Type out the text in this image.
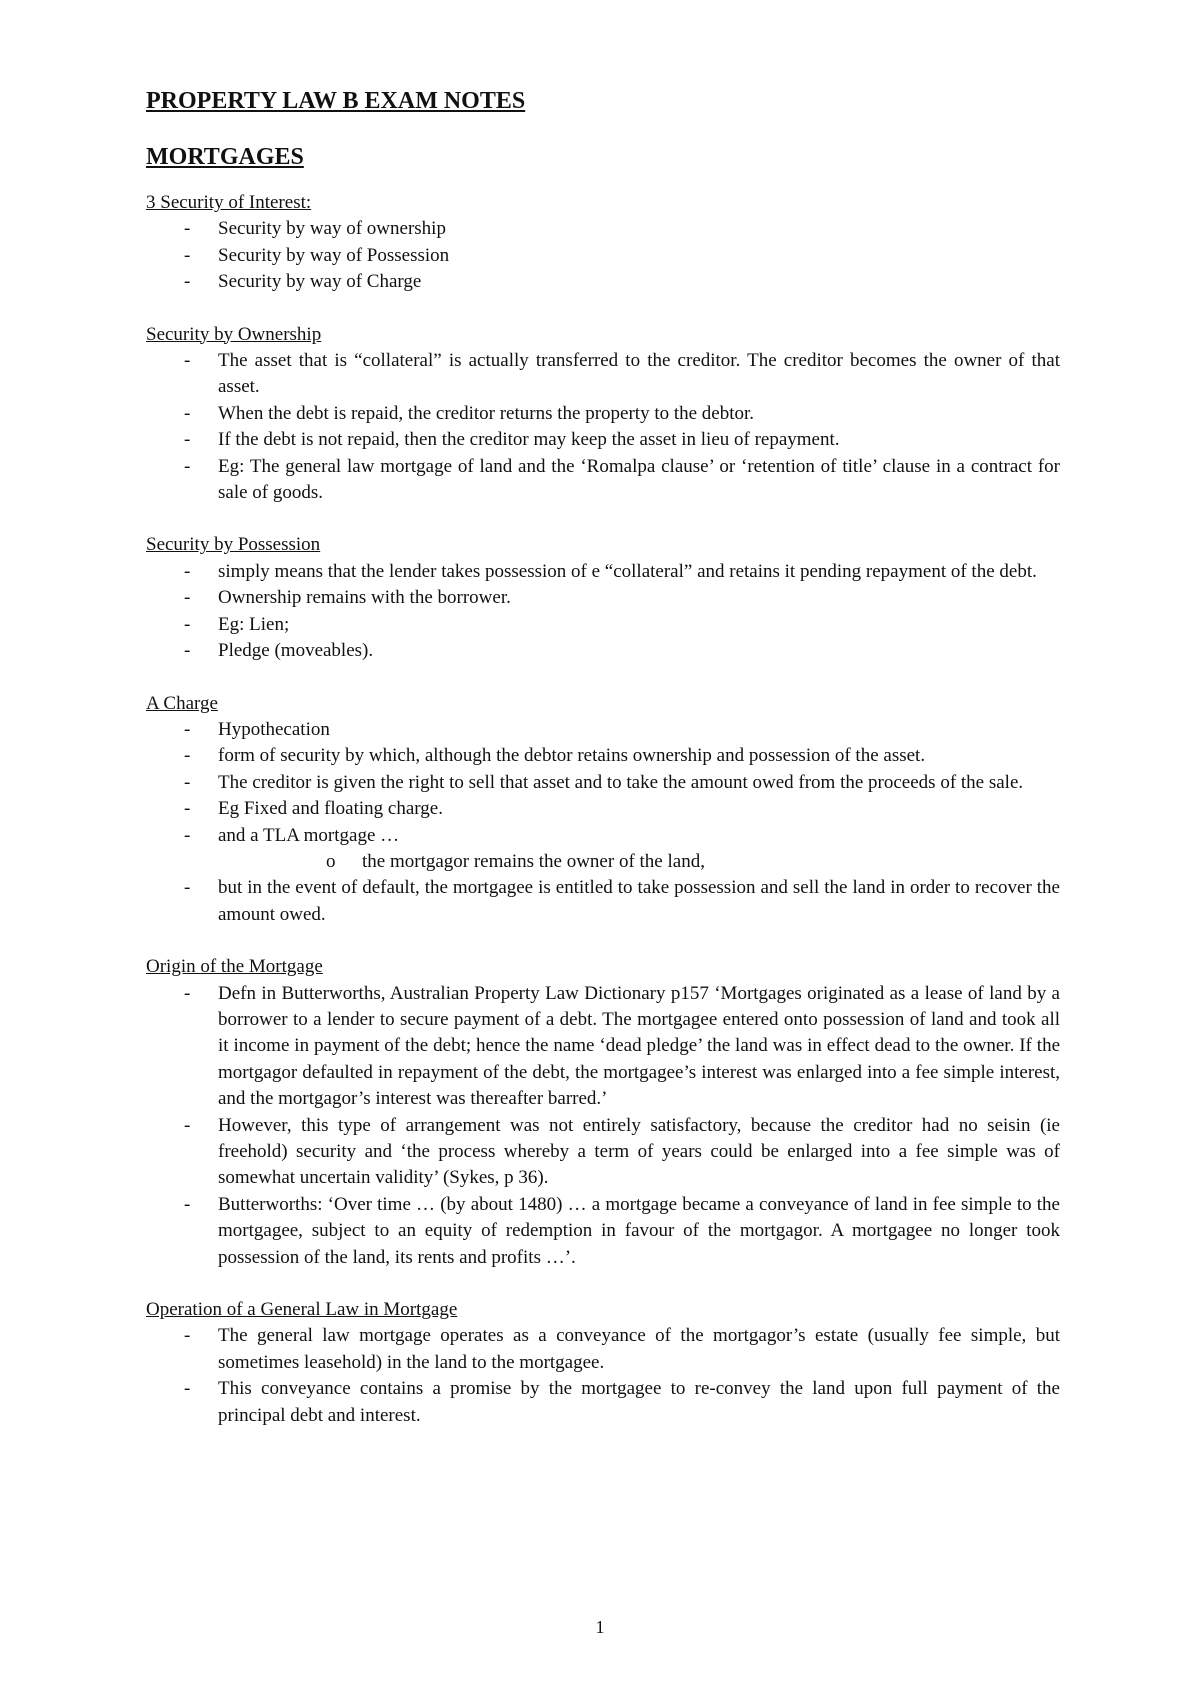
PROPERTY LAW B EXAM NOTES
MORTGAGES

3 Security of Interest:

- Security by way of ownership
- Security by way of Possession
- Security by way of Charge

Security by Ownership

- The asset that is “collateral” is actually transferred to the creditor. The creditor becomes the owner of that asset.
- When the debt is repaid, the creditor returns the property to the debtor.
- If the debt is not repaid, then the creditor may keep the asset in lieu of repayment.
- Eg: The general law mortgage of land and the ‘Romalpa clause’ or ‘retention of title’ clause in a contract for sale of goods.

Security by Possession

- simply means that the lender takes possession of e “collateral” and retains it pending repayment of the debt.
- Ownership remains with the borrower.
- Eg: Lien;
- Pledge (moveables).

A Charge

- Hypothecation
- form of security by which, although the debtor retains ownership and possession of the asset.
- The creditor is given the right to sell that asset and to take the amount owed from the proceeds of the sale.
- Eg Fixed and floating charge.
- and a TLA mortgage …
o the mortgagor remains the owner of the land,
- but in the event of default, the mortgagee is entitled to take possession and sell the land in order to recover the amount owed.

Origin of the Mortgage

- Defn in Butterworths, Australian Property Law Dictionary p157 ‘Mortgages originated as a lease of land by a borrower to a lender to secure payment of a debt. The mortgagee entered onto possession of land and took all it income in payment of the debt; hence the name ‘dead pledge’ the land was in effect dead to the owner. If the mortgagor defaulted in repayment of the debt, the mortgagee’s interest was enlarged into a fee simple interest, and the mortgagor’s interest was thereafter barred.’
- However, this type of arrangement was not entirely satisfactory, because the creditor had no seisin (ie freehold) security and ‘the process whereby a term of years could be enlarged into a fee simple was of somewhat uncertain validity’ (Sykes, p 36).
- Butterworths: ‘Over time … (by about 1480) … a mortgage became a conveyance of land in fee simple to the mortgagee, subject to an equity of redemption in favour of the mortgagor. A mortgagee no longer took possession of the land, its rents and profits …’.

Operation of a General Law in Mortgage

- The general law mortgage operates as a conveyance of the mortgagor’s estate (usually fee simple, but sometimes leasehold) in the land to the mortgagee.
- This conveyance contains a promise by the mortgagee to re-convey the land upon full payment of the principal debt and interest.
1
